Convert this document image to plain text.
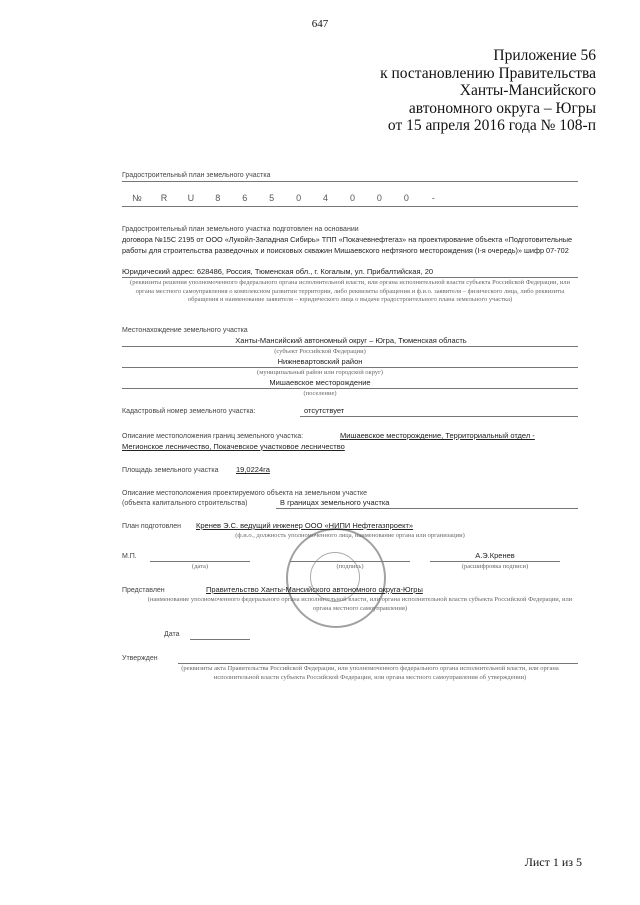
647
Приложение 56
к постановлению Правительства
Ханты-Мансийского
автономного округа – Югры
от 15 апреля 2016 года № 108-п
Градостроительный план земельного участка
№	R	U	8	6	5	0	4	0	0	0	-
Градостроительный план земельного участка подготовлен на основании
договора №15С 2195 от ООО «Лукойл-Западная Сибирь» ТПП «Покачевнефтегаз» на проектирование объекта «Подготовительные работы для строительства разведочных и поисковых скважин Мишаевского нефтяного месторождения (I-я очередь)» шифр 07-702
Юридический адрес: 628486, Россия, Тюменская обл., г. Когалым, ул. Прибалтийская, 20
(реквизиты решения уполномоченного федерального органа исполнительной власти, или органа исполнительной власти субъекта Российской Федерации, или органа местного самоуправления о комплексном развитии территории, либо реквизиты обращения и ф.и.о. заявителя – физического лица, либо реквизиты обращения и наименование заявителя – юридического лица о выдаче градостроительного плана земельного участка)
Местонахождение земельного участка
Ханты-Мансийский автономный округ – Югра, Тюменская область
(субъект Российской Федерации)
Нижневартовский район
(муниципальный район или городской округ)
Мишаевское месторождение
(поселение)
Кадастровый номер земельного участка:	отсутствует
Описание местоположения границ земельного участка:	Мишаевское месторождение, Территориальный отдел - Мегионское лесничество, Покачевское участковое лесничество
Площадь земельного участка	19,0224га
Описание местоположения проектируемого объекта на земельном участке
(объекта капитального строительства)	В границах земельного участка
План подготовлен	Кренев Э.С. ведущий инженер ООО «НИПИ Нефтегазпроект»
(ф.и.о., должность уполномоченного лица, наименование органа или организации)
М.П.
(дата)	(подпись)
А.Э.Кренев
(расшифровка подписи)
Представлен	Правительство Ханты-Мансийского автономного округа-Югры
(наименование уполномоченного федерального органа исполнительной власти, или органа исполнительной власти субъекта Российской Федерации, или органа местного самоуправления)
Дата
Утвержден
(реквизиты акта Правительства Российской Федерации, или уполномоченного федерального органа исполнительной власти, или органа исполнительной власти субъекта Российской Федерации, или органа местного самоуправления об утверждении)
Лист 1 из 5
